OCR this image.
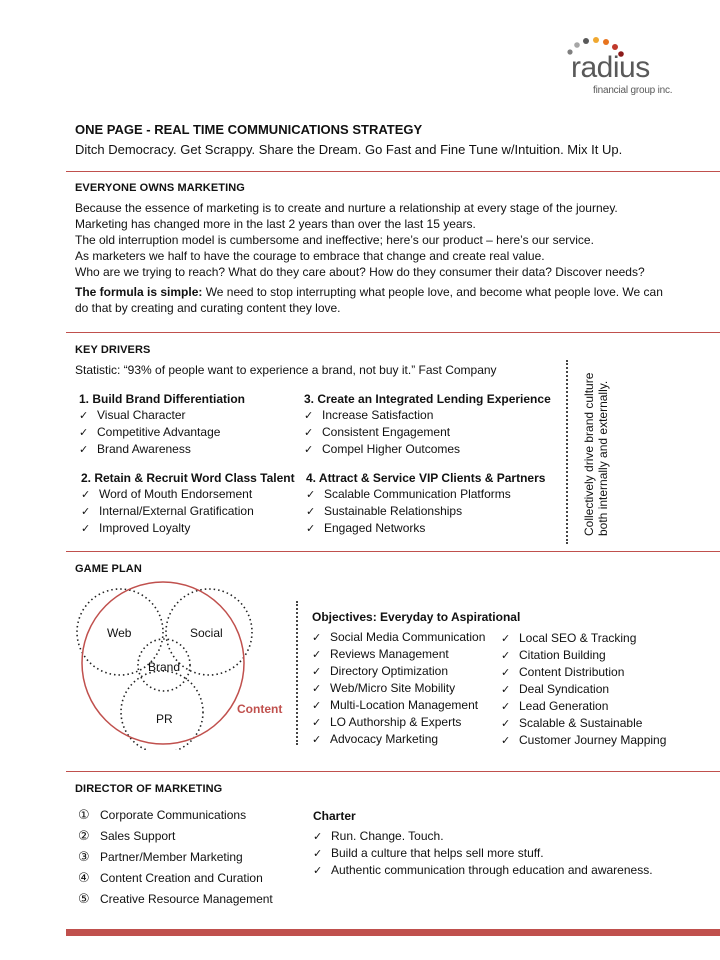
radius
financial group inc.
ONE PAGE - REAL TIME COMMUNICATIONS STRATEGY
Ditch Democracy. Get Scrappy. Share the Dream. Go Fast and Fine Tune w/Intuition. Mix It Up.
EVERYONE OWNS MARKETING
Because the essence of marketing is to create and nurture a relationship at every stage of the journey.
Marketing has changed more in the last 2 years than over the last 15 years.
The old interruption model is cumbersome and ineffective; here’s our product – here’s our service.
As marketers we half to have the courage to embrace that change and create real value.
Who are we trying to reach? What do they care about? How do they consumer their data? Discover needs?
The formula is simple: We need to stop interrupting what people love, and become what people love. We can do that by creating and curating content they love.
KEY DRIVERS
Statistic: “93% of people want to experience a brand, not buy it.” Fast Company
1. Build Brand Differentiation
✓ Visual Character
✓ Competitive Advantage
✓ Brand Awareness
3. Create an Integrated Lending Experience
✓ Increase Satisfaction
✓ Consistent Engagement
✓ Compel Higher Outcomes
2. Retain & Recruit Word Class Talent
✓ Word of Mouth Endorsement
✓ Internal/External Gratification
✓ Improved Loyalty
4. Attract & Service VIP Clients & Partners
✓ Scalable Communication Platforms
✓ Sustainable Relationships
✓ Engaged Networks	Collectively drive brand culture both internally and externally.
GAME PLAN
Web	Social
Brand
PR
Content
Objectives: Everyday to Aspirational
✓ Social Media Communication
✓ Reviews Management
✓ Directory Optimization
✓ Web/Micro Site Mobility
✓ Multi-Location Management
✓ LO Authorship & Experts
✓ Advocacy Marketing
✓ Local SEO & Tracking
✓ Citation Building
✓ Content Distribution
✓ Deal Syndication
✓ Lead Generation
✓ Scalable & Sustainable
✓ Customer Journey Mapping
DIRECTOR OF MARKETING
① Corporate Communications
② Sales Support
③ Partner/Member Marketing
④ Content Creation and Curation
⑤ Creative Resource Management
Charter
✓ Run. Change. Touch.
✓ Build a culture that helps sell more stuff.
✓ Authentic communication through education and awareness.
